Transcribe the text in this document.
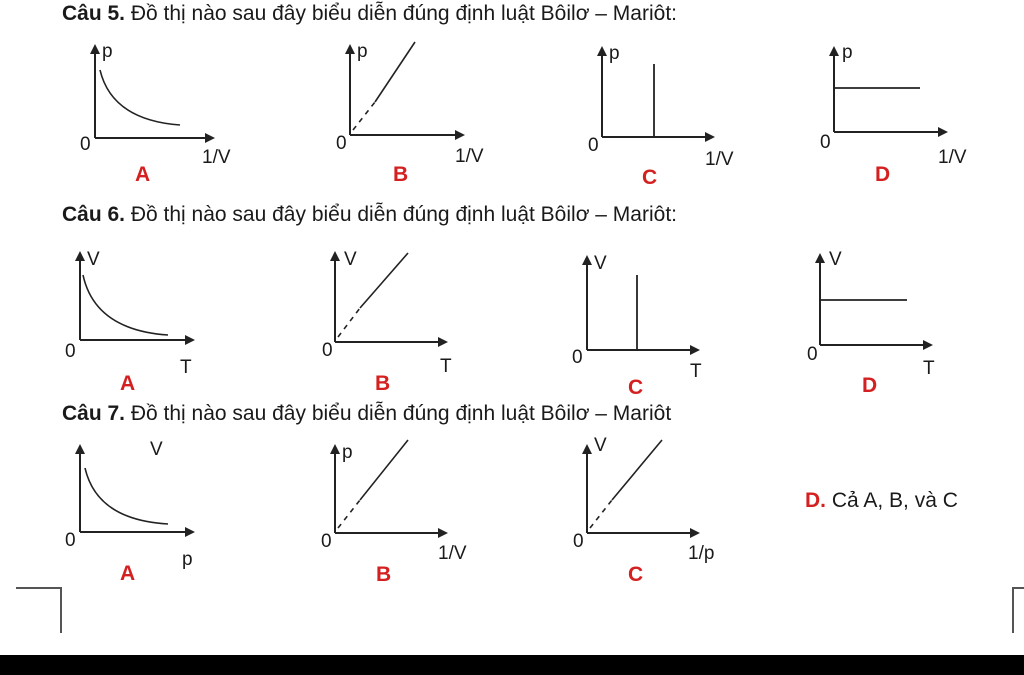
Câu 5. Đồ thị nào sau đây biểu diễn đúng định luật Bôilơ – Mariôt:
Câu 6. Đồ thị nào sau đây biểu diễn đúng định luật Bôilơ – Mariôt:
Câu 7. Đồ thị nào sau đây biểu diễn đúng định luật Bôilơ – Mariôt
p
0
1/V
A
p
0
1/V
B
p
0
1/V
C
p
0
1/V
D
V
0
T
A
V
0
T
B
V
0
T
C
V
0
T
D
V
0
p
A
p
0
1/V
B
V
0
1/p
C
D. Cả A, B, và C
